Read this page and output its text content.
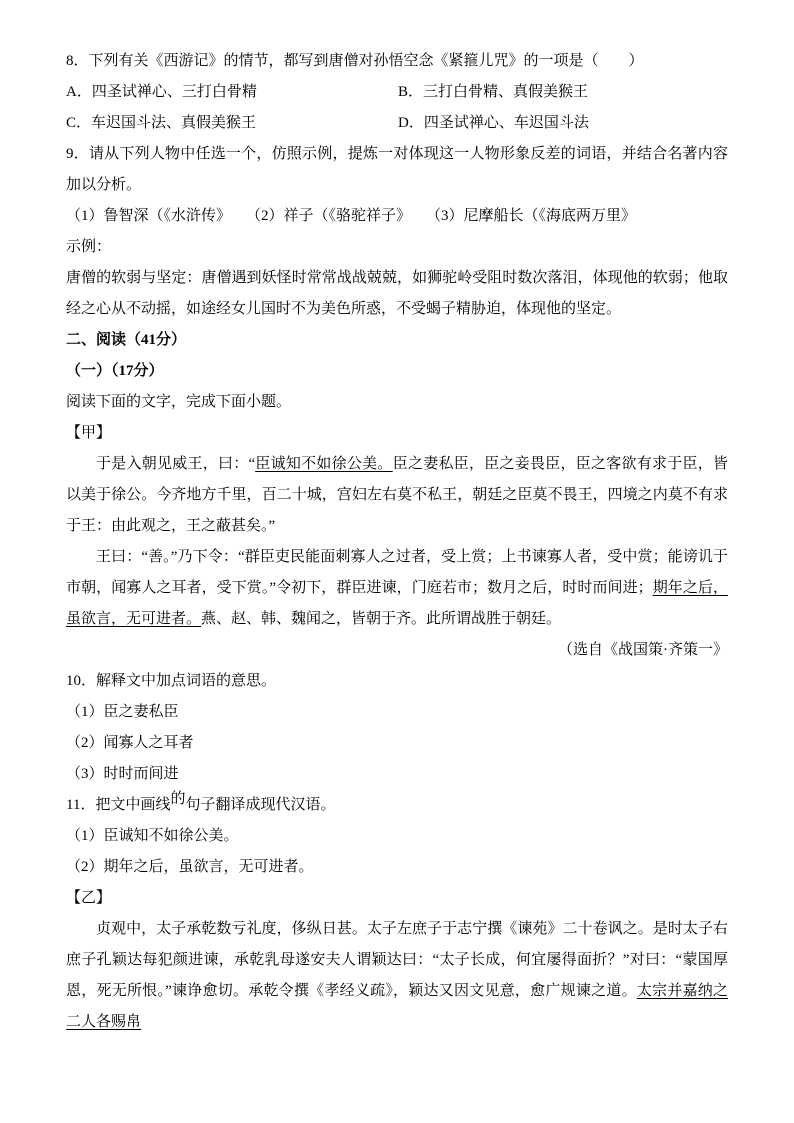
8．下列有关《西游记》的情节，都写到唐僧对孙悟空念《紧箍儿咒》的一项是（　　）

A．四圣试禅心、三打白骨精	B．三打白骨精、真假美猴王
C．车迟国斗法、真假美猴王	D．四圣试禅心、车迟国斗法

9．请从下列人物中任选一个，仿照示例，提炼一对体现这一人物形象反差的词语，并结合名著内容加以分析。

（1）鲁智深（《水浒传》　　（2）祥子（《骆驼祥子》　　（3）尼摩船长（《海底两万里》

示例：

唐僧的软弱与坚定：唐僧遇到妖怪时常常战战兢兢，如狮驼岭受阻时数次落泪，体现他的软弱；他取经之心从不动摇，如途经女儿国时不为美色所惑，不受蝎子精胁迫，体现他的坚定。

二、阅读（41分）

（一）（17分）

阅读下面的文字，完成下面小题。

【甲】

于是入朝见威王，曰：“臣诚知不如徐公美。臣之妻私臣，臣之妾畏臣，臣之客欲有求于臣，皆以美于徐公。今齐地方千里，百二十城，宫妇左右莫不私王，朝廷之臣莫不畏王，四境之内莫不有求于王：由此观之，王之蔽甚矣。”

王曰：“善。”乃下令：“群臣吏民能面刺寡人之过者，受上赏；上书谏寡人者，受中赏；能谤讥于市朝，闻寡人之耳者，受下赏。”令初下，群臣进谏，门庭若市；数月之后，时时而间进；期年之后，虽欲言，无可进者。燕、赵、韩、魏闻之，皆朝于齐。此所谓战胜于朝廷。

（选自《战国策·齐策一》

10．解释文中加点词语的意思。

（1）臣之妻私臣

（2）闻寡人之耳者

（3）时时而间进

11．把文中画线的句子翻译成现代汉语。

（1）臣诚知不如徐公美。

（2）期年之后，虽欲言，无可进者。

【乙】

贞观中，太子承乾数亏礼度，侈纵日甚。太子左庶子于志宁撰《谏苑》二十卷讽之。是时太子右庶子孔颖达每犯颜进谏，承乾乳母遂安夫人谓颖达曰：“太子长成，何宜屡得面折？”对曰：“蒙国厚恩，死无所恨。”谏诤愈切。承乾令撰《孝经义疏》，颖达又因文见意，愈广规谏之道。太宗并嘉纳之二人各赐帛
